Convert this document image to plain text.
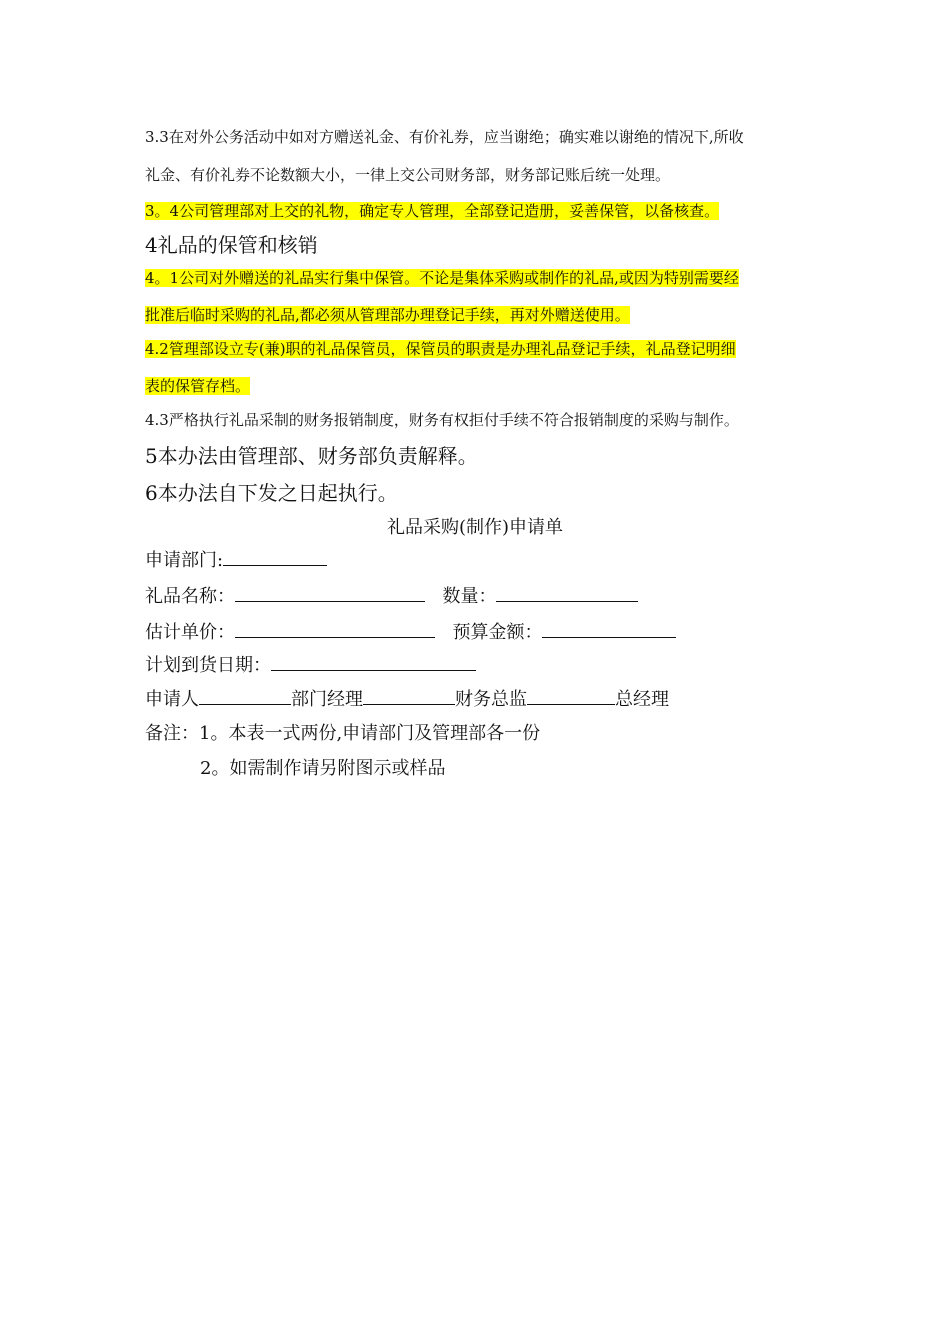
3.3在对外公务活动中如对方赠送礼金、有价礼券，应当谢绝；确实难以谢绝的情况下,所收
礼金、有价礼券不论数额大小，一律上交公司财务部，财务部记账后统一处理。
3。4公司管理部对上交的礼物，确定专人管理，全部登记造册，妥善保管，以备核查。
4礼品的保管和核销
4。1公司对外赠送的礼品实行集中保管。不论是集体采购或制作的礼品,或因为特别需要经
批准后临时采购的礼品,都必须从管理部办理登记手续，再对外赠送使用。
4.2管理部设立专(兼)职的礼品保管员，保管员的职责是办理礼品登记手续，礼品登记明细
表的保管存档。
4.3严格执行礼品采制的财务报销制度，财务有权拒付手续不符合报销制度的采购与制作。
5本办法由管理部、财务部负责解释。
6本办法自下发之日起执行。
礼品采购(制作)申请单
申请部门:
礼品名称：	数量：
估计单价：	预算金额：
计划到货日期：
申请人	部门经理	财务总监	总经理
备注：1。本表一式两份,申请部门及管理部各一份
2。如需制作请另附图示或样品
